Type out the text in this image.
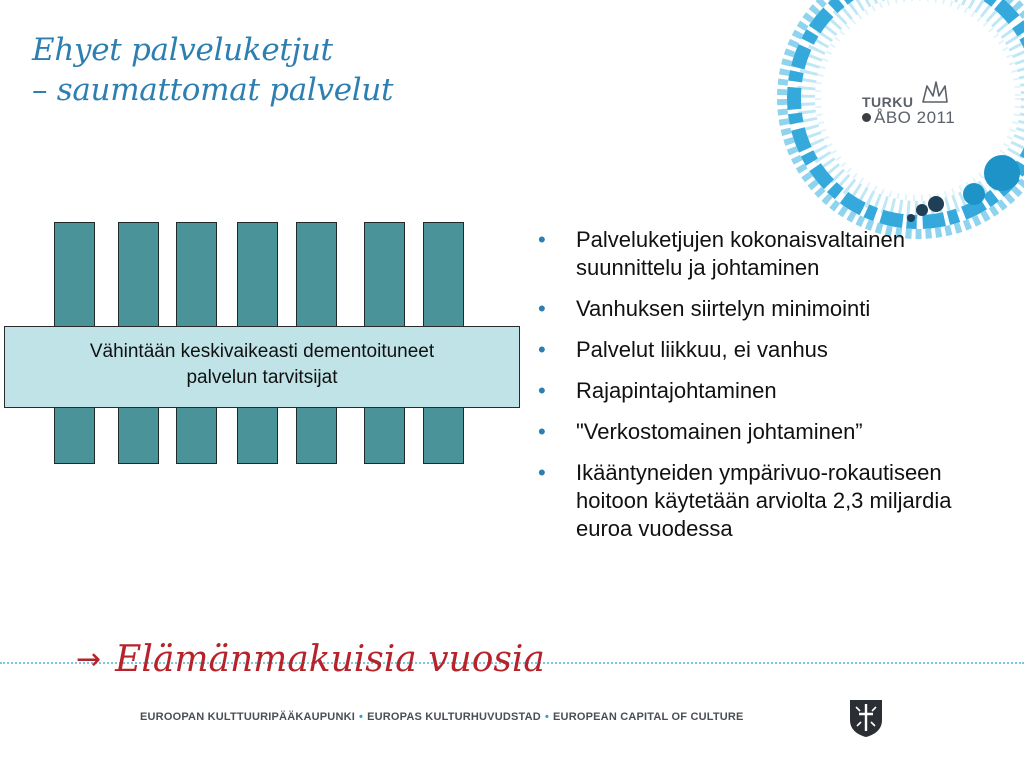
Ehyet palveluketjut
– saumattomat palvelut	TURKU
ÅBO 2011
Vähintään keskivaikeasti dementoituneet
palvelun tarvitsijat
• Palveluketjujen kokonaisvaltainen suunnittelu ja johtaminen
• Vanhuksen siirtelyn minimointi
• Palvelut liikkuu, ei vanhus
• Rajapintajohtaminen
• "Verkostomainen johtaminen”
• Ikääntyneiden ympärivuo-rokautiseen hoitoon käytetään arviolta 2,3 miljardia euroa vuodessa
→ Elämänmakuisia vuosia
EUROOPAN KULTTUURIPÄÄKAUPUNKI • EUROPAS KULTURHUVUDSTAD • EUROPEAN CAPITAL OF CULTURE
